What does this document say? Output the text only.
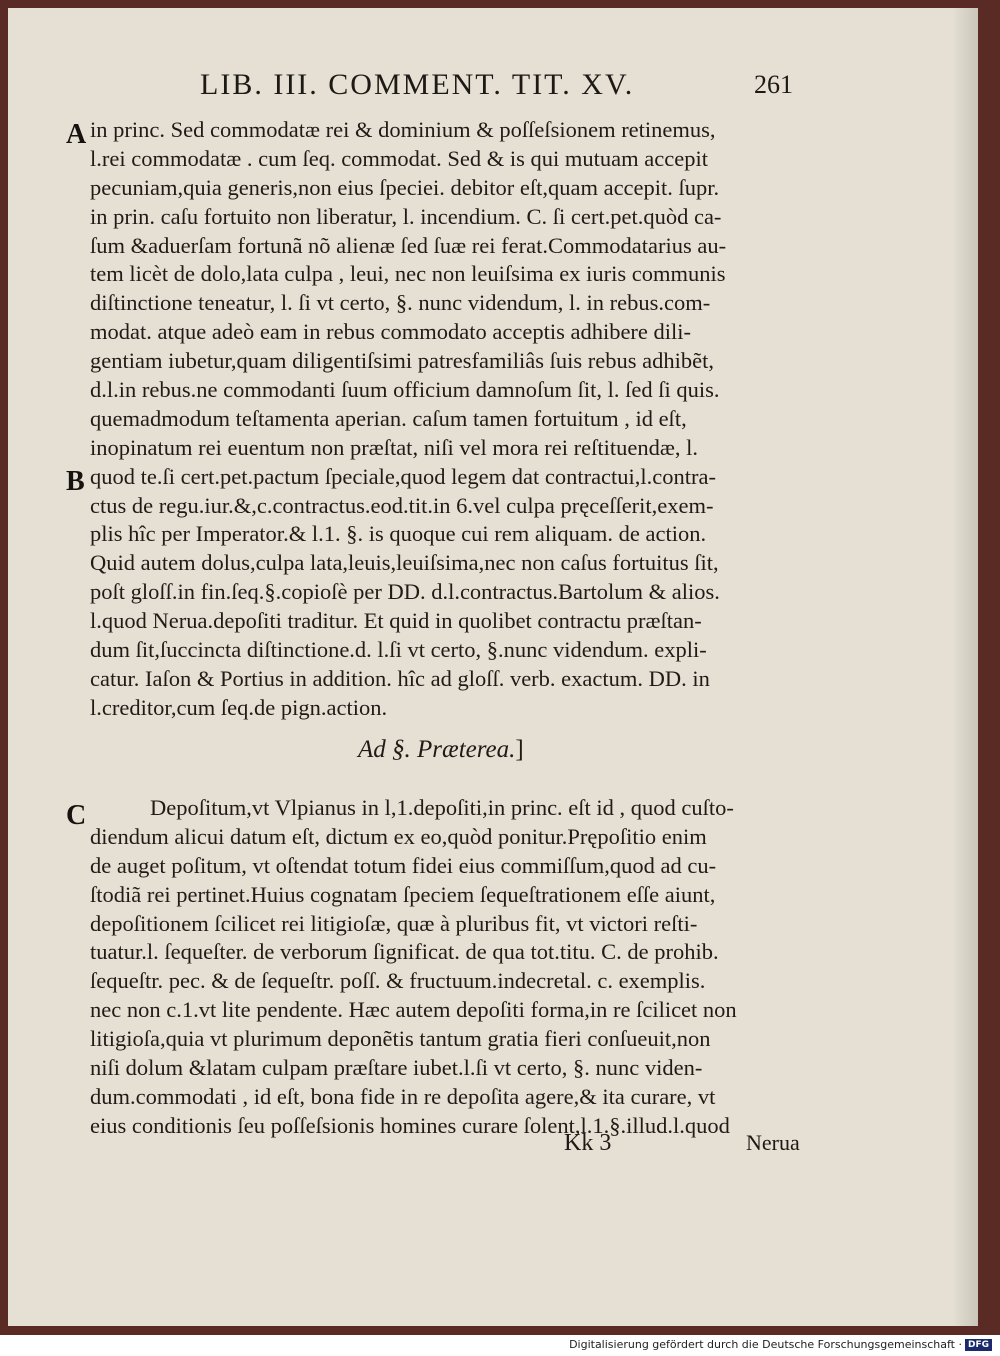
LIB. III. COMMENT. TIT. XV.	261
A
B
C
in princ. Sed commodatæ rei & dominium & poſſeſsionem retinemus,
l.rei commodatæ . cum ſeq. commodat. Sed & is qui mutuam accepit
pecuniam,quia generis,non eius ſpeciei. debitor eſt,quam accepit. ſupr.
in prin. caſu fortuito non liberatur, l. incendium. C. ſi cert.pet.quòd ca-
ſum &aduerſam fortunã nõ alienæ ſed ſuæ rei ferat.Commodatarius au-
tem licèt de dolo,lata culpa , leui, nec non leuiſsima ex iuris communis
diſtinctione teneatur, l. ſi vt certo, §. nunc videndum, l. in rebus.com-
modat. atque adeò eam in rebus commodato acceptis adhibere dili-
gentiam iubetur,quam diligentiſsimi patresfamiliâs ſuis rebus adhibẽt,
d.l.in rebus.ne commodanti ſuum officium damnoſum ſit, l. ſed ſi quis.
quemadmodum teſtamenta aperian. caſum tamen fortuitum , id eſt,
inopinatum rei euentum non præſtat, niſi vel mora rei reſtituendæ, l.
quod te.ſi cert.pet.pactum ſpeciale,quod legem dat contractui,l.contra-
ctus de regu.iur.&,c.contractus.eod.tit.in 6.vel culpa pręceſſerit,exem-
plis hîc per Imperator.& l.1. §. is quoque cui rem aliquam. de action.
Quid autem dolus,culpa lata,leuis,leuiſsima,nec non caſus fortuitus ſit,
poſt gloſſ.in fin.ſeq.§.copioſè per DD. d.l.contractus.Bartolum & alios.
l.quod Nerua.depoſiti traditur. Et quid in quolibet contractu præſtan-
dum ſit,ſuccincta diſtinctione.d. l.ſi vt certo, §.nunc videndum. expli-
catur. Iaſon & Portius in addition. hîc ad gloſſ. verb. exactum. DD. in
l.creditor,cum ſeq.de pign.action.
Ad §. Præterea.]
Depoſitum,vt Vlpianus in l,1.depoſiti,in princ. eſt id , quod cuſto-
diendum alicui datum eſt, dictum ex eo,quòd ponitur.Prępoſitio enim
de auget poſitum, vt oſtendat totum fidei eius commiſſum,quod ad cu-
ſtodiã rei pertinet.Huius cognatam ſpeciem ſequeſtrationem eſſe aiunt,
depoſitionem ſcilicet rei litigioſæ, quæ à pluribus fit, vt victori reſti-
tuatur.l. ſequeſter. de verborum ſignificat. de qua tot.titu. C. de prohib.
ſequeſtr. pec. & de ſequeſtr. poſſ. & fructuum.indecretal. c. exemplis.
nec non c.1.vt lite pendente. Hæc autem depoſiti forma,in re ſcilicet non
litigioſa,quia vt plurimum deponẽtis tantum gratia fieri conſueuit,non
niſi dolum &latam culpam præſtare iubet.l.ſi vt certo, §. nunc viden-
dum.commodati , id eſt, bona fide in re depoſita agere,& ita curare, vt
eius conditionis ſeu poſſeſsionis homines curare ſolent,l.1.§.illud.l.quod
Kk 3	Nerua
Digitalisierung gefördert durch die Deutsche Forschungsgemeinschaft · DFG
